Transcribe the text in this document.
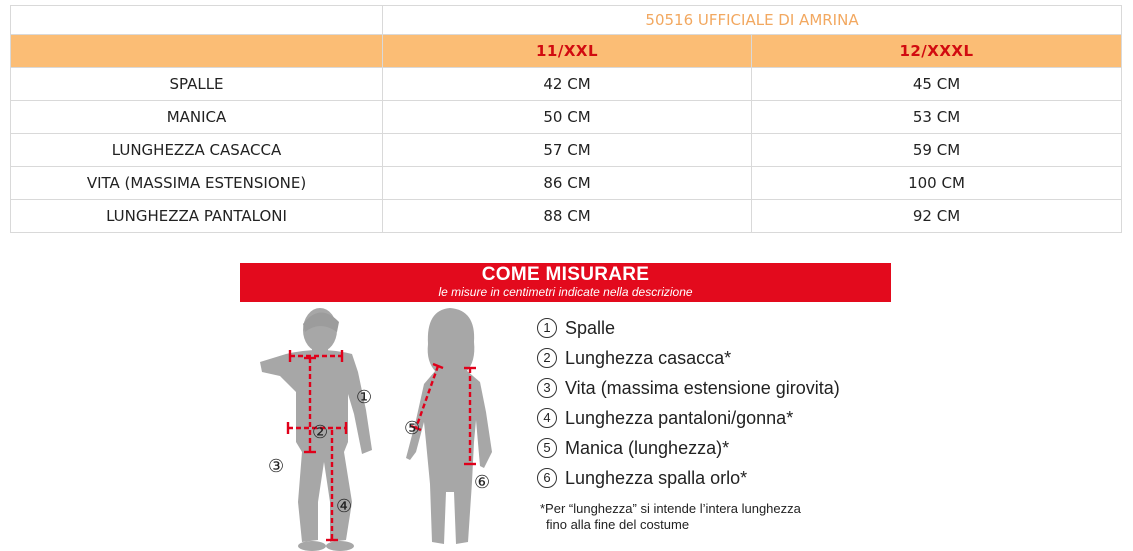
	50516 UFFICIALE DI AMRINA	
	11/XXL	12/XXXL
SPALLE	42 CM	45 CM
MANICA	50 CM	53 CM
LUNGHEZZA CASACCA	57 CM	59 CM
VITA (MASSIMA ESTENSIONE)	86 CM	100 CM
LUNGHEZZA PANTALONI	88 CM	92 CM
COME MISURARE
le misure in centimetri indicate nella descrizione
①
②
③
④
⑤
⑥
1 Spalle
2 Lunghezza casacca*
3 Vita (massima estensione girovita)
4 Lunghezza pantaloni/gonna*
5 Manica (lunghezza)*
6 Lunghezza spalla orlo*
*Per “lunghezza” si intende l’intera lunghezza
fino alla fine del costume
